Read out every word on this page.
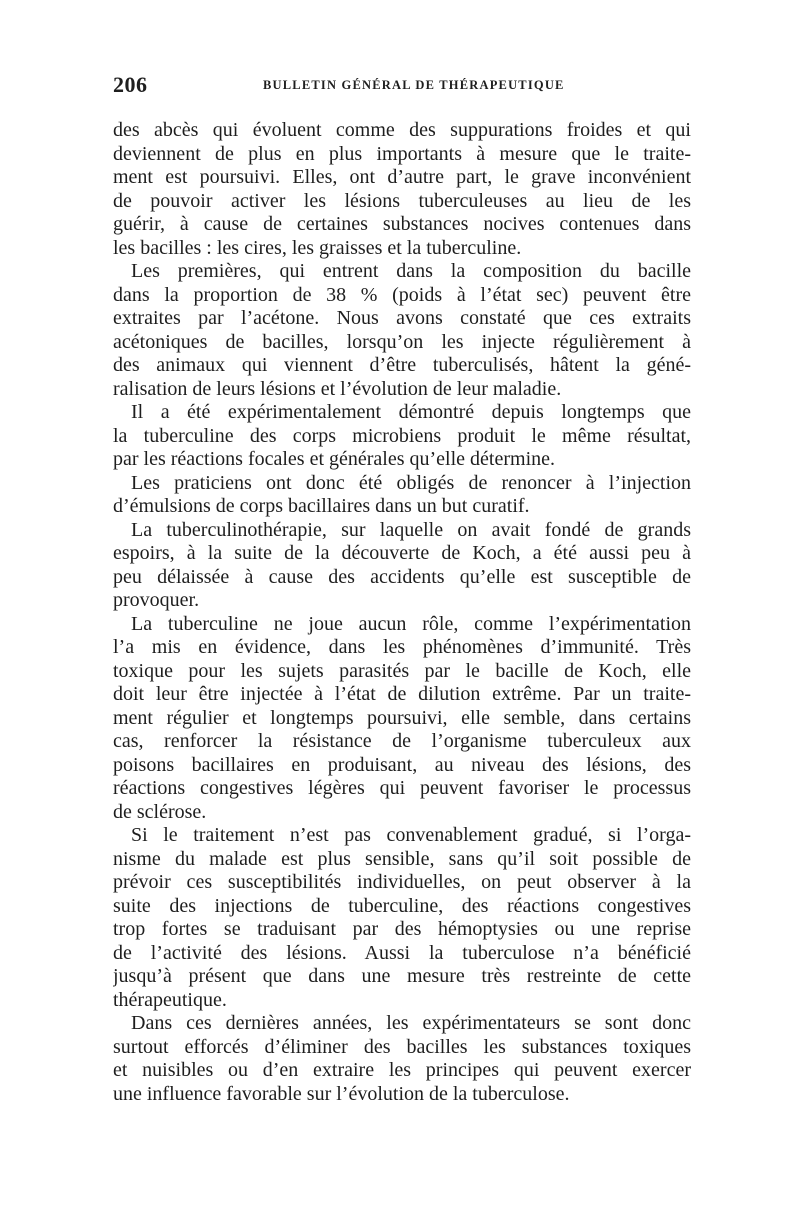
206	BULLETIN GÉNÉRAL DE THÉRAPEUTIQUE
des abcès qui évoluent comme des suppurations froides et qui
deviennent de plus en plus importants à mesure que le traite-
ment est poursuivi. Elles, ont d’autre part, le grave inconvénient
de pouvoir activer les lésions tuberculeuses au lieu de les
guérir, à cause de certaines substances nocives contenues dans
les bacilles : les cires, les graisses et la tuberculine.
Les premières, qui entrent dans la composition du bacille
dans la proportion de 38 % (poids à l’état sec) peuvent être
extraites par l’acétone. Nous avons constaté que ces extraits
acétoniques de bacilles, lorsqu’on les injecte régulièrement à
des animaux qui viennent d’être tuberculisés, hâtent la géné-
ralisation de leurs lésions et l’évolution de leur maladie.
Il a été expérimentalement démontré depuis longtemps que
la tuberculine des corps microbiens produit le même résultat,
par les réactions focales et générales qu’elle détermine.
Les praticiens ont donc été obligés de renoncer à l’injection
d’émulsions de corps bacillaires dans un but curatif.
La tuberculinothérapie, sur laquelle on avait fondé de grands
espoirs, à la suite de la découverte de Koch, a été aussi peu à
peu délaissée à cause des accidents qu’elle est susceptible de
provoquer.
La tuberculine ne joue aucun rôle, comme l’expérimentation
l’a mis en évidence, dans les phénomènes d’immunité. Très
toxique pour les sujets parasités par le bacille de Koch, elle
doit leur être injectée à l’état de dilution extrême. Par un traite-
ment régulier et longtemps poursuivi, elle semble, dans certains
cas, renforcer la résistance de l’organisme tuberculeux aux
poisons bacillaires en produisant, au niveau des lésions, des
réactions congestives légères qui peuvent favoriser le processus
de sclérose.
Si le traitement n’est pas convenablement gradué, si l’orga-
nisme du malade est plus sensible, sans qu’il soit possible de
prévoir ces susceptibilités individuelles, on peut observer à la
suite des injections de tuberculine, des réactions congestives
trop fortes se traduisant par des hémoptysies ou une reprise
de l’activité des lésions. Aussi la tuberculose n’a bénéficié
jusqu’à présent que dans une mesure très restreinte de cette
thérapeutique.
Dans ces dernières années, les expérimentateurs se sont donc
surtout efforcés d’éliminer des bacilles les substances toxiques
et nuisibles ou d’en extraire les principes qui peuvent exercer
une influence favorable sur l’évolution de la tuberculose.
